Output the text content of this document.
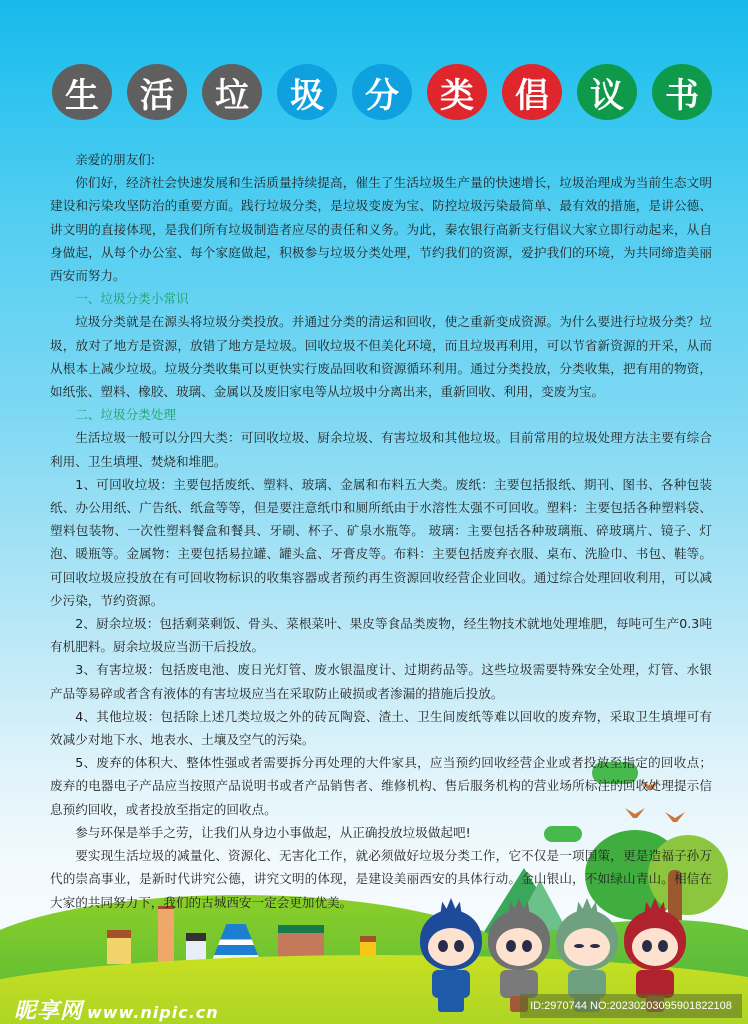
生	活	垃	圾	分	类	倡	议	书

亲爱的朋友们:

你们好，经济社会快速发展和生活质量持续提高，催生了生活垃圾生产量的快速增长，垃圾治理成为当前生态文明建设和污染攻坚防治的重要方面。践行垃圾分类，是垃圾变废为宝、防控垃圾污染最简单、最有效的措施，是讲公德、讲文明的直接体现，是我们所有垃圾制造者应尽的责任和义务。为此，秦农银行高新支行倡议大家立即行动起来，从自身做起，从每个办公室、每个家庭做起，积极参与垃圾分类处理，节约我们的资源，爱护我们的环境，为共同缔造美丽西安而努力。

一、垃圾分类小常识

垃圾分类就是在源头将垃圾分类投放。并通过分类的清运和回收，使之重新变成资源。为什么要进行垃圾分类？垃圾，放对了地方是资源，放错了地方是垃圾。回收垃圾不但美化环境，而且垃圾再利用，可以节省新资源的开采，从而从根本上减少垃圾。垃圾分类收集可以更快实行废品回收和资源循环利用。通过分类投放，分类收集，把有用的物资，如纸张、塑料、橡胶、玻璃、金属以及废旧家电等从垃圾中分离出来，重新回收、利用，变废为宝。

二、垃圾分类处理

生活垃圾一般可以分四大类：可回收垃圾、厨余垃圾、有害垃圾和其他垃圾。目前常用的垃圾处理方法主要有综合利用、卫生填埋、焚烧和堆肥。

1、可回收垃圾：主要包括废纸、塑料、玻璃、金属和布料五大类。废纸：主要包括报纸、期刊、图书、各种包装纸、办公用纸、广告纸、纸盒等等，但是要注意纸巾和厕所纸由于水溶性太强不可回收。塑料：主要包括各种塑料袋、塑料包装物、一次性塑料餐盒和餐具、牙刷、杯子、矿泉水瓶等。 玻璃：主要包括各种玻璃瓶、碎玻璃片、镜子、灯泡、暖瓶等。金属物：主要包括易拉罐、罐头盒、牙膏皮等。布料：主要包括废弃衣服、桌布、洗脸巾、书包、鞋等。可回收垃圾应投放在有可回收物标识的收集容器或者预约再生资源回收经营企业回收。通过综合处理回收利用，可以减少污染，节约资源。

2、厨余垃圾：包括剩菜剩饭、骨头、菜根菜叶、果皮等食品类废物，经生物技术就地处理堆肥，每吨可生产0.3吨有机肥料。厨余垃圾应当沥干后投放。

3、有害垃圾：包括废电池、废日光灯管、废水银温度计、过期药品等。这些垃圾需要特殊安全处理，灯管、水银产品等易碎或者含有液体的有害垃圾应当在采取防止破损或者渗漏的措施后投放。

4、其他垃圾：包括除上述几类垃圾之外的砖瓦陶瓷、渣土、卫生间废纸等难以回收的废弃物，采取卫生填埋可有效减少对地下水、地表水、土壤及空气的污染。

5、废弃的体积大、整体性强或者需要拆分再处理的大件家具，应当预约回收经营企业或者投放至指定的回收点；废弃的电器电子产品应当按照产品说明书或者产品销售者、维修机构、售后服务机构的营业场所标注的回收处理提示信息预约回收，或者投放至指定的回收点。

参与环保是举手之劳，让我们从身边小事做起，从正确投放垃圾做起吧!

要实现生活垃圾的减量化、资源化、无害化工作，就必须做好垃圾分类工作，它不仅是一项国策，更是造福子孙万代的崇高事业，是新时代讲究公德，讲究文明的体现，是建设美丽西安的具体行动。金山银山，不如绿山青山。相信在大家的共同努力下，我们的古城西安一定会更加优美。

昵享网 www.nipic.cn	ID:2970744 NO:20230203095901822108
